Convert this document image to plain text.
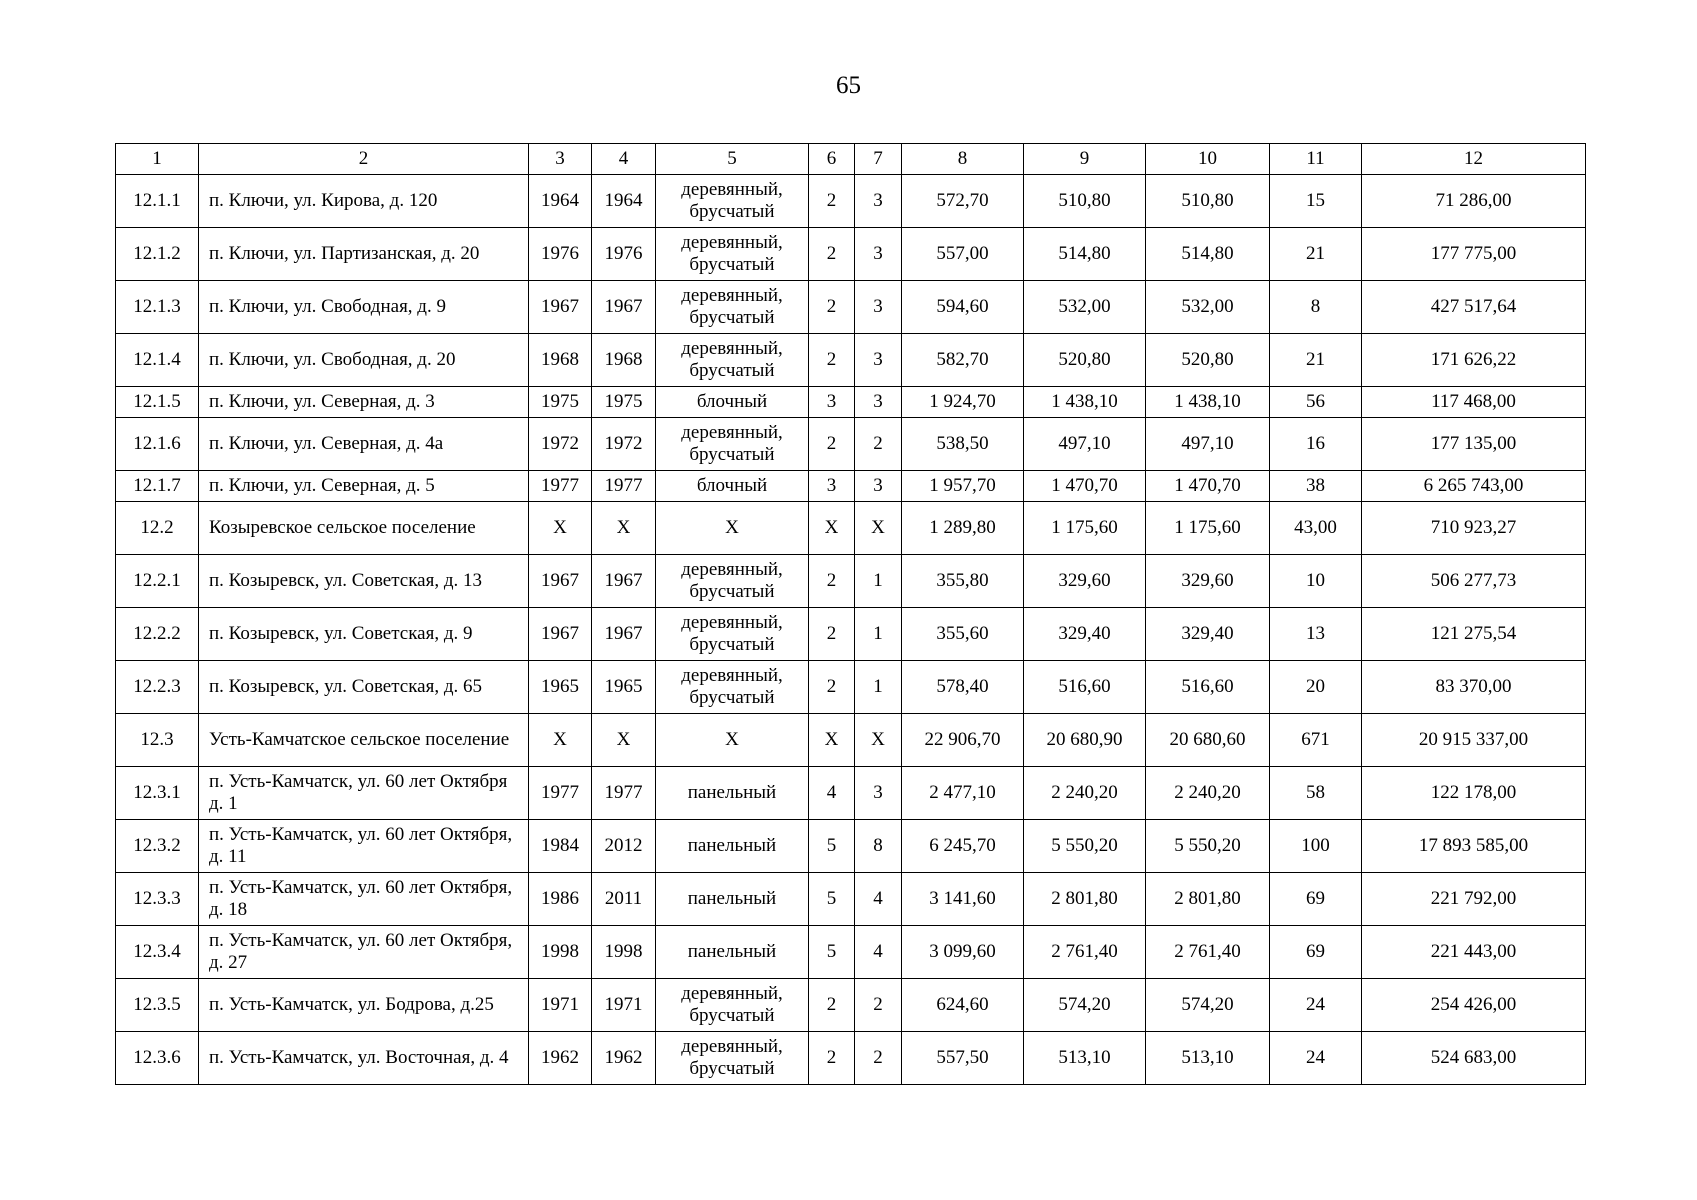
65
1	2	3	4	5	6	7	8	9	10	11	12
12.1.1	п. Ключи, ул. Кирова, д. 120	1964	1964	деревянный, брусчатый	2	3	572,70	510,80	510,80	15	71 286,00
12.1.2	п. Ключи, ул. Партизанская, д. 20	1976	1976	деревянный, брусчатый	2	3	557,00	514,80	514,80	21	177 775,00
12.1.3	п. Ключи, ул. Свободная, д. 9	1967	1967	деревянный, брусчатый	2	3	594,60	532,00	532,00	8	427 517,64
12.1.4	п. Ключи, ул. Свободная, д. 20	1968	1968	деревянный, брусчатый	2	3	582,70	520,80	520,80	21	171 626,22
12.1.5	п. Ключи, ул. Северная, д. 3	1975	1975	блочный	3	3	1 924,70	1 438,10	1 438,10	56	117 468,00
12.1.6	п. Ключи, ул. Северная, д. 4а	1972	1972	деревянный, брусчатый	2	2	538,50	497,10	497,10	16	177 135,00
12.1.7	п. Ключи, ул. Северная, д. 5	1977	1977	блочный	3	3	1 957,70	1 470,70	1 470,70	38	6 265 743,00
12.2	Козыревское сельское поселение	X	X	X	X	X	1 289,80	1 175,60	1 175,60	43,00	710 923,27
12.2.1	п. Козыревск, ул. Советская, д. 13	1967	1967	деревянный, брусчатый	2	1	355,80	329,60	329,60	10	506 277,73
12.2.2	п. Козыревск, ул. Советская, д. 9	1967	1967	деревянный, брусчатый	2	1	355,60	329,40	329,40	13	121 275,54
12.2.3	п. Козыревск, ул. Советская, д. 65	1965	1965	деревянный, брусчатый	2	1	578,40	516,60	516,60	20	83 370,00
12.3	Усть-Камчатское сельское поселение	X	X	X	X	X	22 906,70	20 680,90	20 680,60	671	20 915 337,00
12.3.1	п. Усть-Камчатск, ул. 60 лет Октября д. 1	1977	1977	панельный	4	3	2 477,10	2 240,20	2 240,20	58	122 178,00
12.3.2	п. Усть-Камчатск, ул. 60 лет Октября, д. 11	1984	2012	панельный	5	8	6 245,70	5 550,20	5 550,20	100	17 893 585,00
12.3.3	п. Усть-Камчатск, ул. 60 лет Октября, д. 18	1986	2011	панельный	5	4	3 141,60	2 801,80	2 801,80	69	221 792,00
12.3.4	п. Усть-Камчатск, ул. 60 лет Октября, д. 27	1998	1998	панельный	5	4	3 099,60	2 761,40	2 761,40	69	221 443,00
12.3.5	п. Усть-Камчатск, ул. Бодрова, д.25	1971	1971	деревянный, брусчатый	2	2	624,60	574,20	574,20	24	254 426,00
12.3.6	п. Усть-Камчатск, ул. Восточная, д. 4	1962	1962	деревянный, брусчатый	2	2	557,50	513,10	513,10	24	524 683,00
